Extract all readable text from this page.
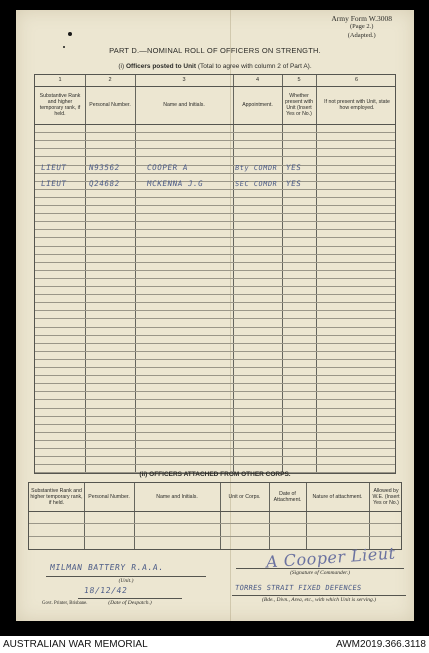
Army Form W.3008
(Page 2.)
(Adapted.)
PART D.—NOMINAL ROLL OF OFFICERS ON STRENGTH.
(i) Officers posted to Unit (Total to agree with column 2 of Part A).
1	2	3	4	5	6
Substantive Rank and higher temporary rank, if held.
Personal Number.	Name and Initials.	Appointment.
Whether present with Unit (Insert Yes or No.)
If not present with Unit, state how employed.
LIEUT	N93562	COOPER A	Bty COMDR YES
LIEUT	Q24682	MCKENNA J.G	SEC COMDR YES
(ii) OFFICERS ATTACHED FROM OTHER CORPS.
Substantive Rank and higher temporary rank, if held.
Personal Number.	Name and Initials.	Unit or Corps.
Date of Attachment.
Nature of attachment.
Allowed by W.E. (Insert Yes or No.)
MILMAN BATTERY R.A.A.
(Unit.)
18/12/42
(Date of Despatch.)
A Cooper Lieut
(Signature of Commander.)
TORRES STRAIT FIXED DEFENCES
(Bde., Divn., Area, etc., with which Unit is serving.)
Govt. Printer, Brisbane.
AUSTRALIAN WAR MEMORIAL	AWM2019.366.3118
